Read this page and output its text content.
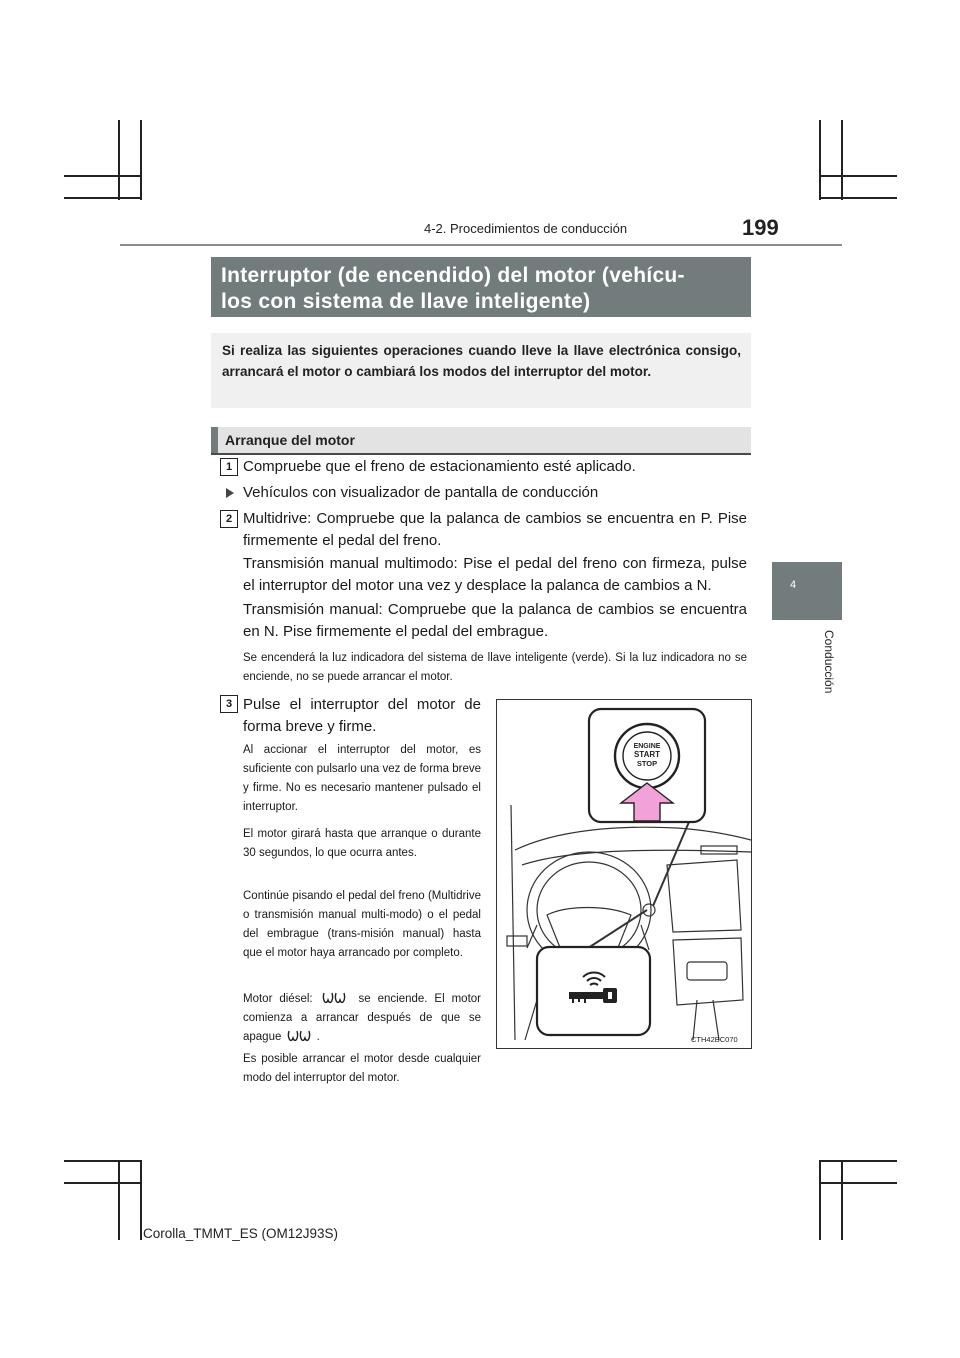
4-2. Procedimientos de conducción	199
4
Conducción
Interruptor (de encendido) del motor (vehícu-
los con sistema de llave inteligente)
Si realiza las siguientes operaciones cuando lleve la llave electrónica consigo, arrancará el motor o cambiará los modos del interruptor del motor.
Arranque del motor
1 Compruebe que el freno de estacionamiento esté aplicado.
Vehículos con visualizador de pantalla de conducción
2 Multidrive: Compruebe que la palanca de cambios se encuentra en P. Pise firmemente el pedal del freno.
Transmisión manual multimodo: Pise el pedal del freno con firmeza, pulse el interruptor del motor una vez y desplace la palanca de cambios a N.
Transmisión manual: Compruebe que la palanca de cambios se encuentra en N. Pise firmemente el pedal del embrague.
Se encenderá la luz indicadora del sistema de llave inteligente (verde). Si la luz indicadora no se enciende, no se puede arrancar el motor.
3 Pulse el interruptor del motor de forma breve y firme.
Al accionar el interruptor del motor, es suficiente con pulsarlo una vez de forma breve y firme. No es necesario mantener pulsado el interruptor.
El motor girará hasta que arranque o durante 30 segundos, lo que ocurra antes.
Continúe pisando el pedal del freno (Multidrive o transmisión manual multi-modo) o el pedal del embrague (trans-misión manual) hasta que el motor haya arrancado por completo.
Motor diésel:	se enciende. El motor comienza a arrancar después de que se apague	.
Es posible arrancar el motor desde cualquier modo del interruptor del motor.
ENGINE
START
STOP
CTH42BC070
Corolla_TMMT_ES (OM12J93S)
